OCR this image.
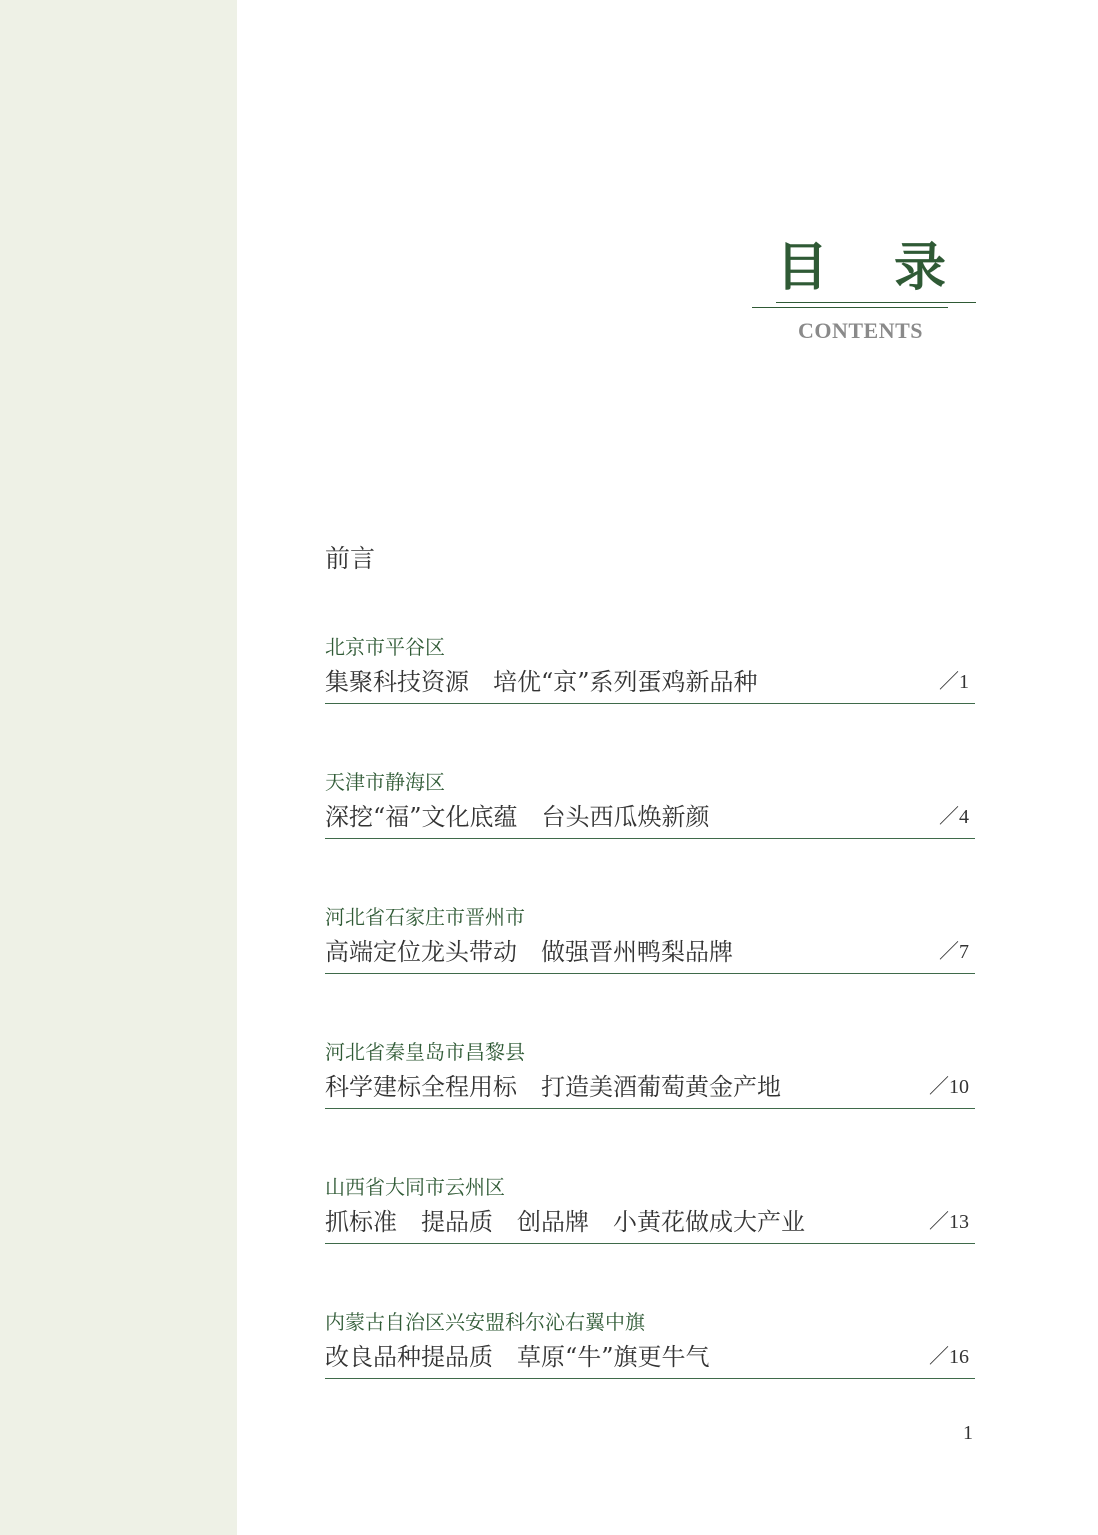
目录
CONTENTS
前言
北京市平谷区
集聚科技资源　培优“京”系列蛋鸡新品种	／1
天津市静海区
深挖“福”文化底蕴　台头西瓜焕新颜	／4
河北省石家庄市晋州市
高端定位龙头带动　做强晋州鸭梨品牌	／7
河北省秦皇岛市昌黎县
科学建标全程用标　打造美酒葡萄黄金产地	／10
山西省大同市云州区
抓标准　提品质　创品牌　小黄花做成大产业	／13
内蒙古自治区兴安盟科尔沁右翼中旗
改良品种提品质　草原“牛”旗更牛气	／16
1
